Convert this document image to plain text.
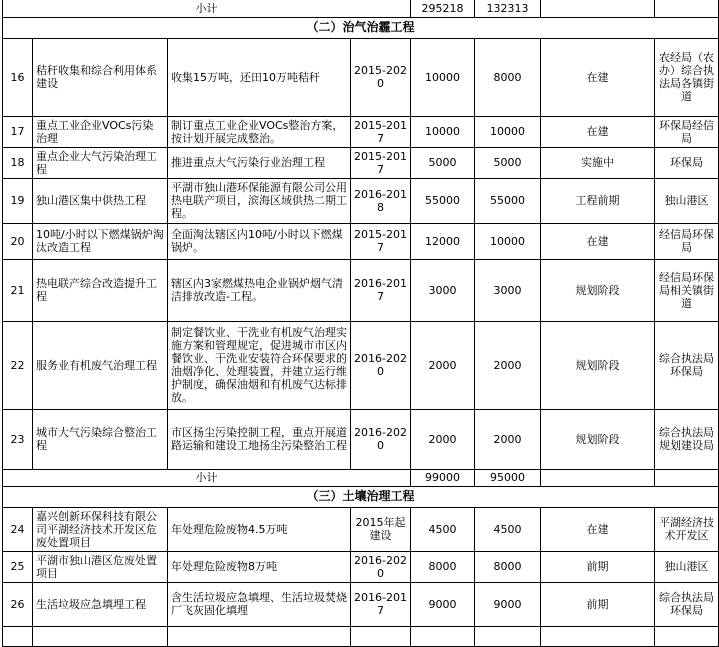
小计				295218	132313		
（二）治气治霾工程							
16	秸秆收集和综合利用体系建设	收集15万吨，还田10万吨秸秆	2015-2020	10000	8000	在建	农经局（农办）综合执法局各镇街道
17	重点工业企业VOCs污染治理	制订重点工业企业VOCs整治方案，按计划开展完成整治。	2015-2017	10000	10000	在建	环保局经信局
18	重点企业大气污染治理工程	推进重点大气污染行业治理工程	2015-2017	5000	5000	实施中	环保局
19	独山港区集中供热工程	平湖市独山港环保能源有限公司公用热电联产项目，滨海区域供热二期工程。	2016-2018	55000	55000	工程前期	独山港区
20	10吨/小时以下燃煤锅炉淘汰改造工程	全面淘汰辖区内10吨/小时以下燃煤锅炉。	2015-2017	12000	10000	在建	经信局环保局
21	热电联产综合改造提升工程	辖区内3家燃煤热电企业锅炉烟气清洁排放改造-工程。	2016-2017	3000	3000	规划阶段	经信局环保局相关镇街道
22	服务业有机废气治理工程	制定餐饮业、干洗业有机废气治理实施方案和管理规定，促进城市市区内餐饮业、干洗业安装符合环保要求的油烟净化、处理装置，并建立运行维护制度，确保油烟和有机废气达标排放。	2016-2020	2000	2000	规划阶段	综合执法局环保局
23	城市大气污染综合整治工程	市区扬尘污染控制工程，重点开展道路运输和建设工地扬尘污染整治工程	2016-2020	2000	2000	规划阶段	综合执法局规划建设局
小计				99000	95000		
（三）土壤治理工程							
24	嘉兴创新环保科技有限公司平湖经济技术开发区危废处置项目	年处理危险废物4.5万吨	2015年起建设	4500	4500	在建	平湖经济技术开发区
25	平湖市独山港区危废处置项目	年处理危险废物8万吨	2016-2020	8000	8000	前期	独山港区
26	生活垃圾应急填埋工程	含生活垃圾应急填埋、生活垃圾焚烧厂飞灰固化填埋	2016-2017	9000	9000	前期	综合执法局环保局
